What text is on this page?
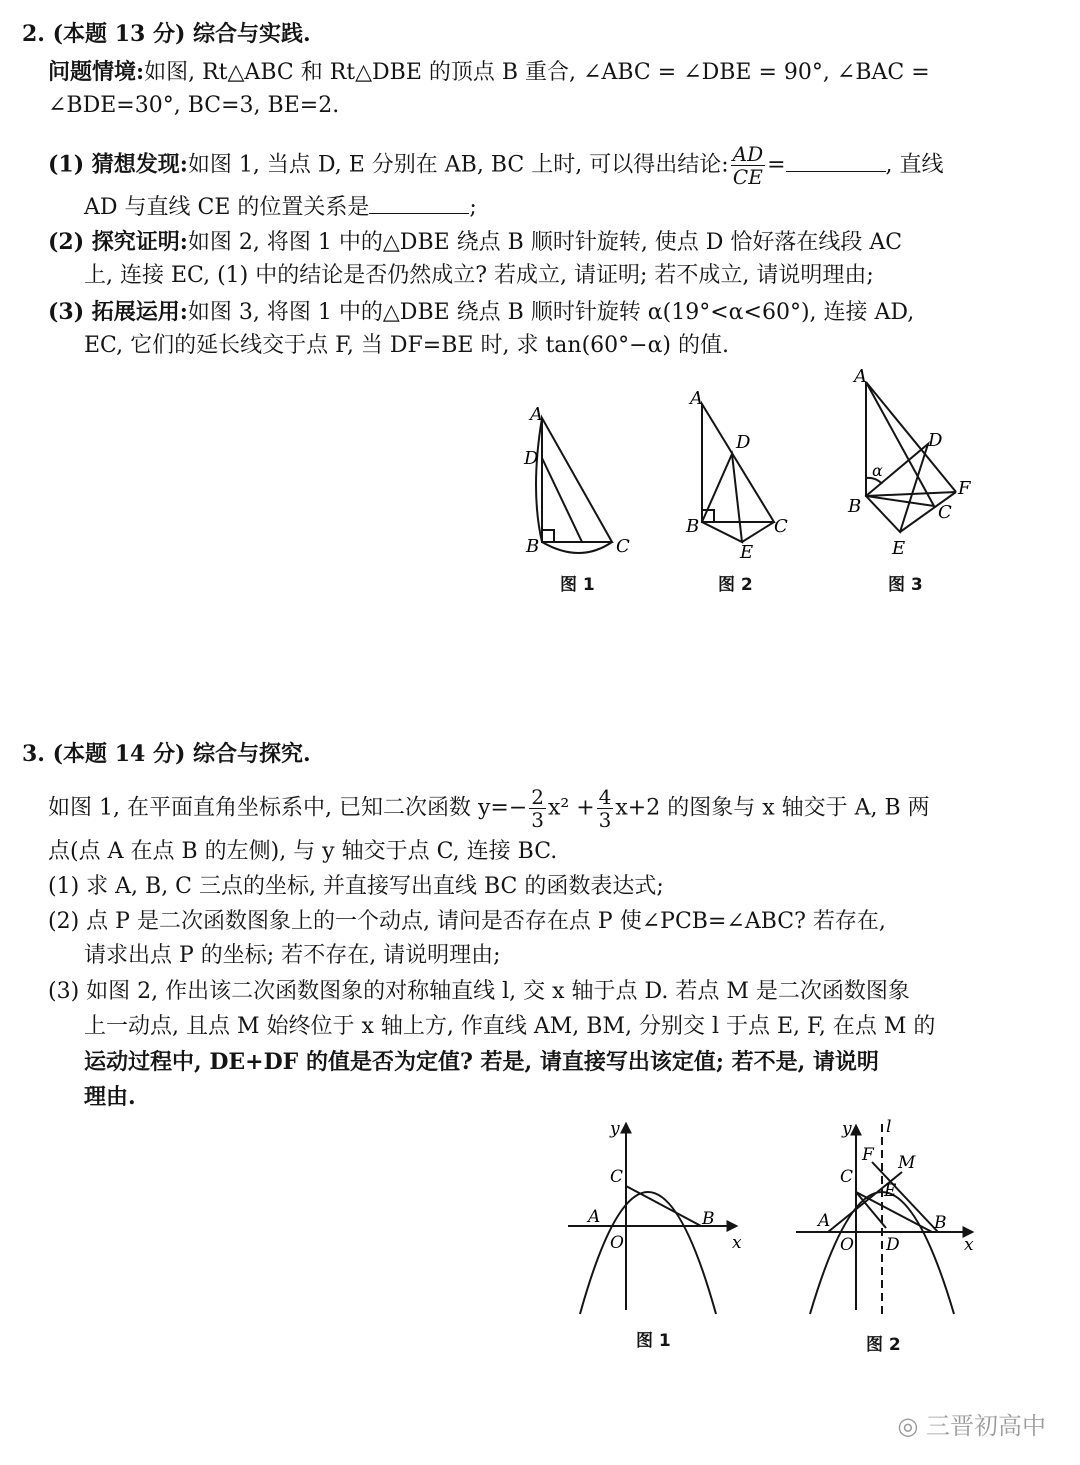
2. (本题 13 分) 综合与实践.
问题情境:如图, Rt△ABC 和 Rt△DBE 的顶点 B 重合, ∠ABC = ∠DBE = 90°, ∠BAC =
∠BDE=30°, BC=3, BE=2.
(1) 猜想发现:如图 1, 当点 D, E 分别在 AB, BC 上时, 可以得出结论: $\frac{AD}{CE}$ =	, 直线
AD 与直线 CE 的位置关系是	;
(2) 探究证明:如图 2, 将图 1 中的△DBE 绕点 B 顺时针旋转, 使点 D 恰好落在线段 AC
上, 连接 EC, (1) 中的结论是否仍然成立? 若成立, 请证明; 若不成立, 请说明理由;
(3) 拓展运用:如图 3, 将图 1 中的△DBE 绕点 B 顺时针旋转 α(19°<α<60°), 连接 AD,
EC, 它们的延长线交于点 F, 当 DF=BE 时, 求 tan(60°−α) 的值.
A
D
B	C
A
D
B	C
E
A
D
α
B	C
F
E
图 1	图 2	图 3
3. (本题 14 分) 综合与探究.
如图 1, 在平面直角坐标系中, 已知二次函数 $y=- \frac{2}{3} x^2 + \frac{4}{3} x+2$ 的图象与 x 轴交于 A, B 两
点(点 A 在点 B 的左侧), 与 y 轴交于点 C, 连接 BC.
(1) 求 A, B, C 三点的坐标, 并直接写出直线 BC 的函数表达式;
(2) 点 P 是二次函数图象上的一个动点, 请问是否存在点 P 使∠PCB=∠ABC? 若存在,
请求出点 P 的坐标; 若不存在, 请说明理由;
(3) 如图 2, 作出该二次函数图象的对称轴直线 l, 交 x 轴于点 D. 若点 M 是二次函数图象
上一动点, 且点 M 始终位于 x 轴上方, 作直线 AM, BM, 分别交 l 于点 E, F, 在点 M 的
运动过程中, DE+DF 的值是否为定值? 若是, 请直接写出该定值; 若不是, 请说明
理由.
y
x
O
A	B
C
y l
x
O
A	B
C
D
E
F M
图 1	图 2
◎ 三晋初高中
